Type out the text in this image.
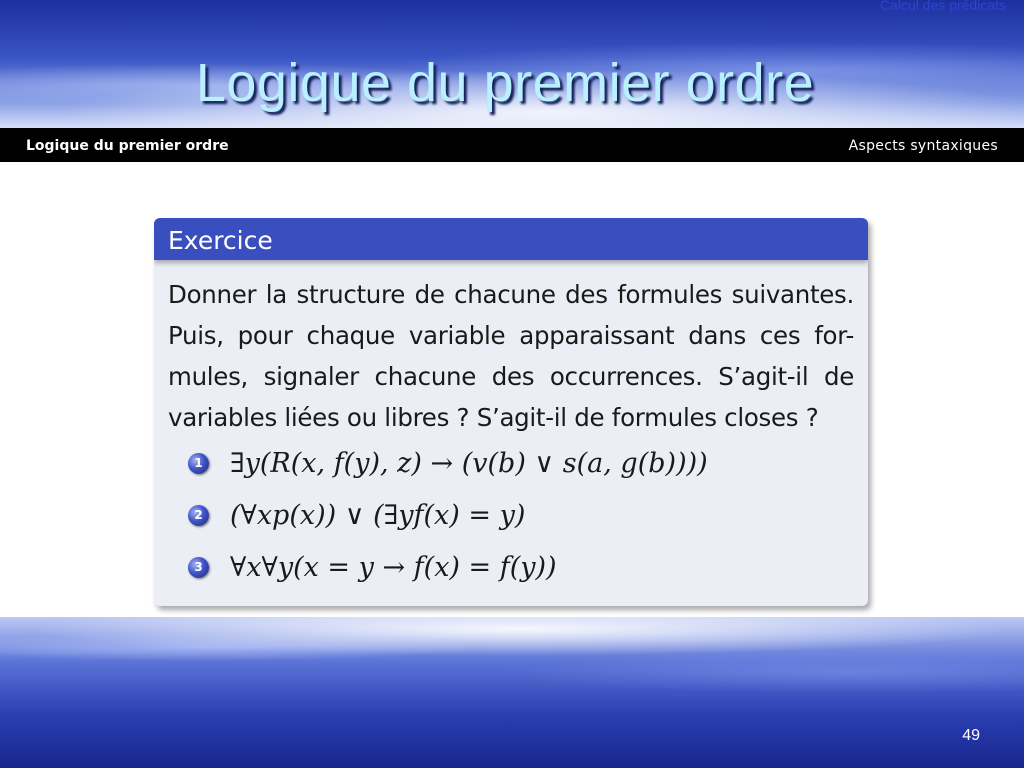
Calcul des prédicats
Logique du premier ordre
Logique du premier ordre	Aspects syntaxiques
Exercice

Donner la structure de chacune des formules suivantes. Puis, pour chaque variable apparaissant dans ces for-mules, signaler chacune des occurrences. S’agit-il de variables liées ou libres ? S’agit-il de formules closes ?

1 ∃y(R(x, f(y), z) → (v(b) ∨ s(a, g(b))))
2 (∀xp(x)) ∨ (∃yf(x) = y)
3 ∀x∀y(x = y → f(x) = f(y))
49
